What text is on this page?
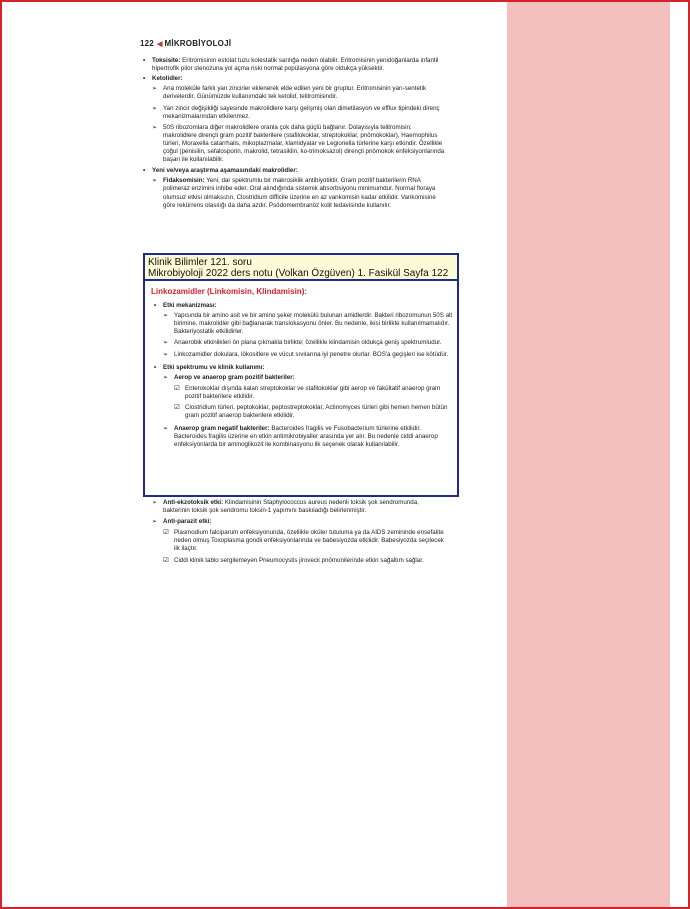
122 ◀ MİKROBİYOLOJİ
• Toksisite: Eritromisinin estolat tuzu kolestatik sarılığa neden olabilir. Eritromisinin yenidoğanlarda infantil hipertrofik pilor stenozuna yol açma riski normal popülasyona göre oldukça yüksektir.
• Ketolidler:
➢ Ana moleküle farklı yan zincirler eklenerek elde edilen yeni bir gruptur. Eritromisinin yarı-sentetik derivelerdir. Günümüzde kullanımdaki tek ketolid, telitromisindir.
➢ Yan zincir değişikliği sayesinde makrolidlere karşı gelişmiş olan dimetilasyon ve efflux tipindeki direnç mekanizmalarından etkilenmez.
➢ 50S ribozomlara diğer makrolidlere oranla çok daha güçlü bağlanır. Dolayısıyla telitromisin; makrolidlere dirençli gram pozitif bakterilere (stafilokoklar, streptokoklar, pnömokoklar), Haemophilus türleri, Moraxella catarrhalis, mikoplazmalar, klamidyalar ve Legionella türlerine karşı etkindir. Özellikle çoğul (penisilin, sefalosporin, makrolid, tetrasiklin, ko-trimoksazol) dirençli pnömokok enfeksiyonlarında başarı ile kullanılabilir.
• Yeni ve/veya araştırma aşamasındaki makrolidler:
➢ Fidaksomisin: Yeni, dar spektrumlu bir makrosiklik antibiyotiktir. Gram pozitif bakterilerin RNA polimeraz enzimini inhibe eder. Oral alındığında sistemik absorbsiyonu minimumdur. Normal floraya olumsuz etkisi olmaksızın, Clostridium difficile üzerine en az vankomisin kadar etkilidir. Vankomisine göre rekürrens olasılığı da daha azdır. Psödomembranöz kolit tedavisinde kullanılır.
Klinik Bilimler 121. soru
Mikrobiyoloji 2022 ders notu (Volkan Özgüven) 1. Fasikül Sayfa 122
Linkozamidler (Linkomisin, Klindamisin):
• Etki mekanizması:
➢ Yapısında bir amino asit ve bir amino şeker molekülü bulunan amidlerdir. Bakteri ribozomunun 50S alt birimine, makrolidler gibi bağlanarak translokasyonu önler. Bu nedenle, ikisi birlikte kullanılmamalıdır. Bakteriyostatik etkilidirler.
➢ Anaerobik etkinlikleri ön plana çıkmakla birlikte; özellikle klindamisin oldukça geniş spektrumludur.
➢ Linkozamidler dokulara, lökositlere ve vücut sıvılarına iyi penetre olurlar. BOS'a geçişleri ise kötüdür.
• Etki spektrumu ve klinik kullanımı:
➢ Aerop ve anaerop gram pozitif bakteriler:
☑ Enterokoklar dışında kalan streptokoklar ve stafilokoklar gibi aerop ve fakültatif anaerop gram pozitif bakterilere etkilidir.
☑ Clostridium türleri, peptokoklar, peptostreptokoklar, Actinomyces türleri gibi hemen hemen bütün gram pozitif anaerop bakterilere etkilidir.
➢ Anaerop gram negatif bakteriler: Bacteroides fragilis ve Fusobacterium türlerine etkilidir. Bacteroides fragilis üzerine en etkin antimikrobiyaller arasında yer alır. Bu nedenle ciddi anaerop enfeksiyonlarda bir aminoglikozit ile kombinasyonu ilk seçenek olarak kullanılabilir.
➢ Anti-ekzotoksik etki: Klindamisinin Staphylococcus aureus nedenli toksik şok sendromunda, bakterinin toksik şok sendromu toksin-1 yapımını baskıladığı belirlenmiştir.
➢ Anti-parazit etki:
☑ Plasmodium falciparum enfeksiyonunda, özellikle oküler tutuluma ya da AIDS zemininde ensefalite neden olmuş Toxoplasma gondii enfeksiyonlarında ve babesiyozda etkilidir. Babesiyozda seçilecek ilk ilaçtır.
☑ Ciddi klinik tablo sergilemeyen Pneumocystis jirovecii pnömonilerinde etkin sağaltım sağlar.
